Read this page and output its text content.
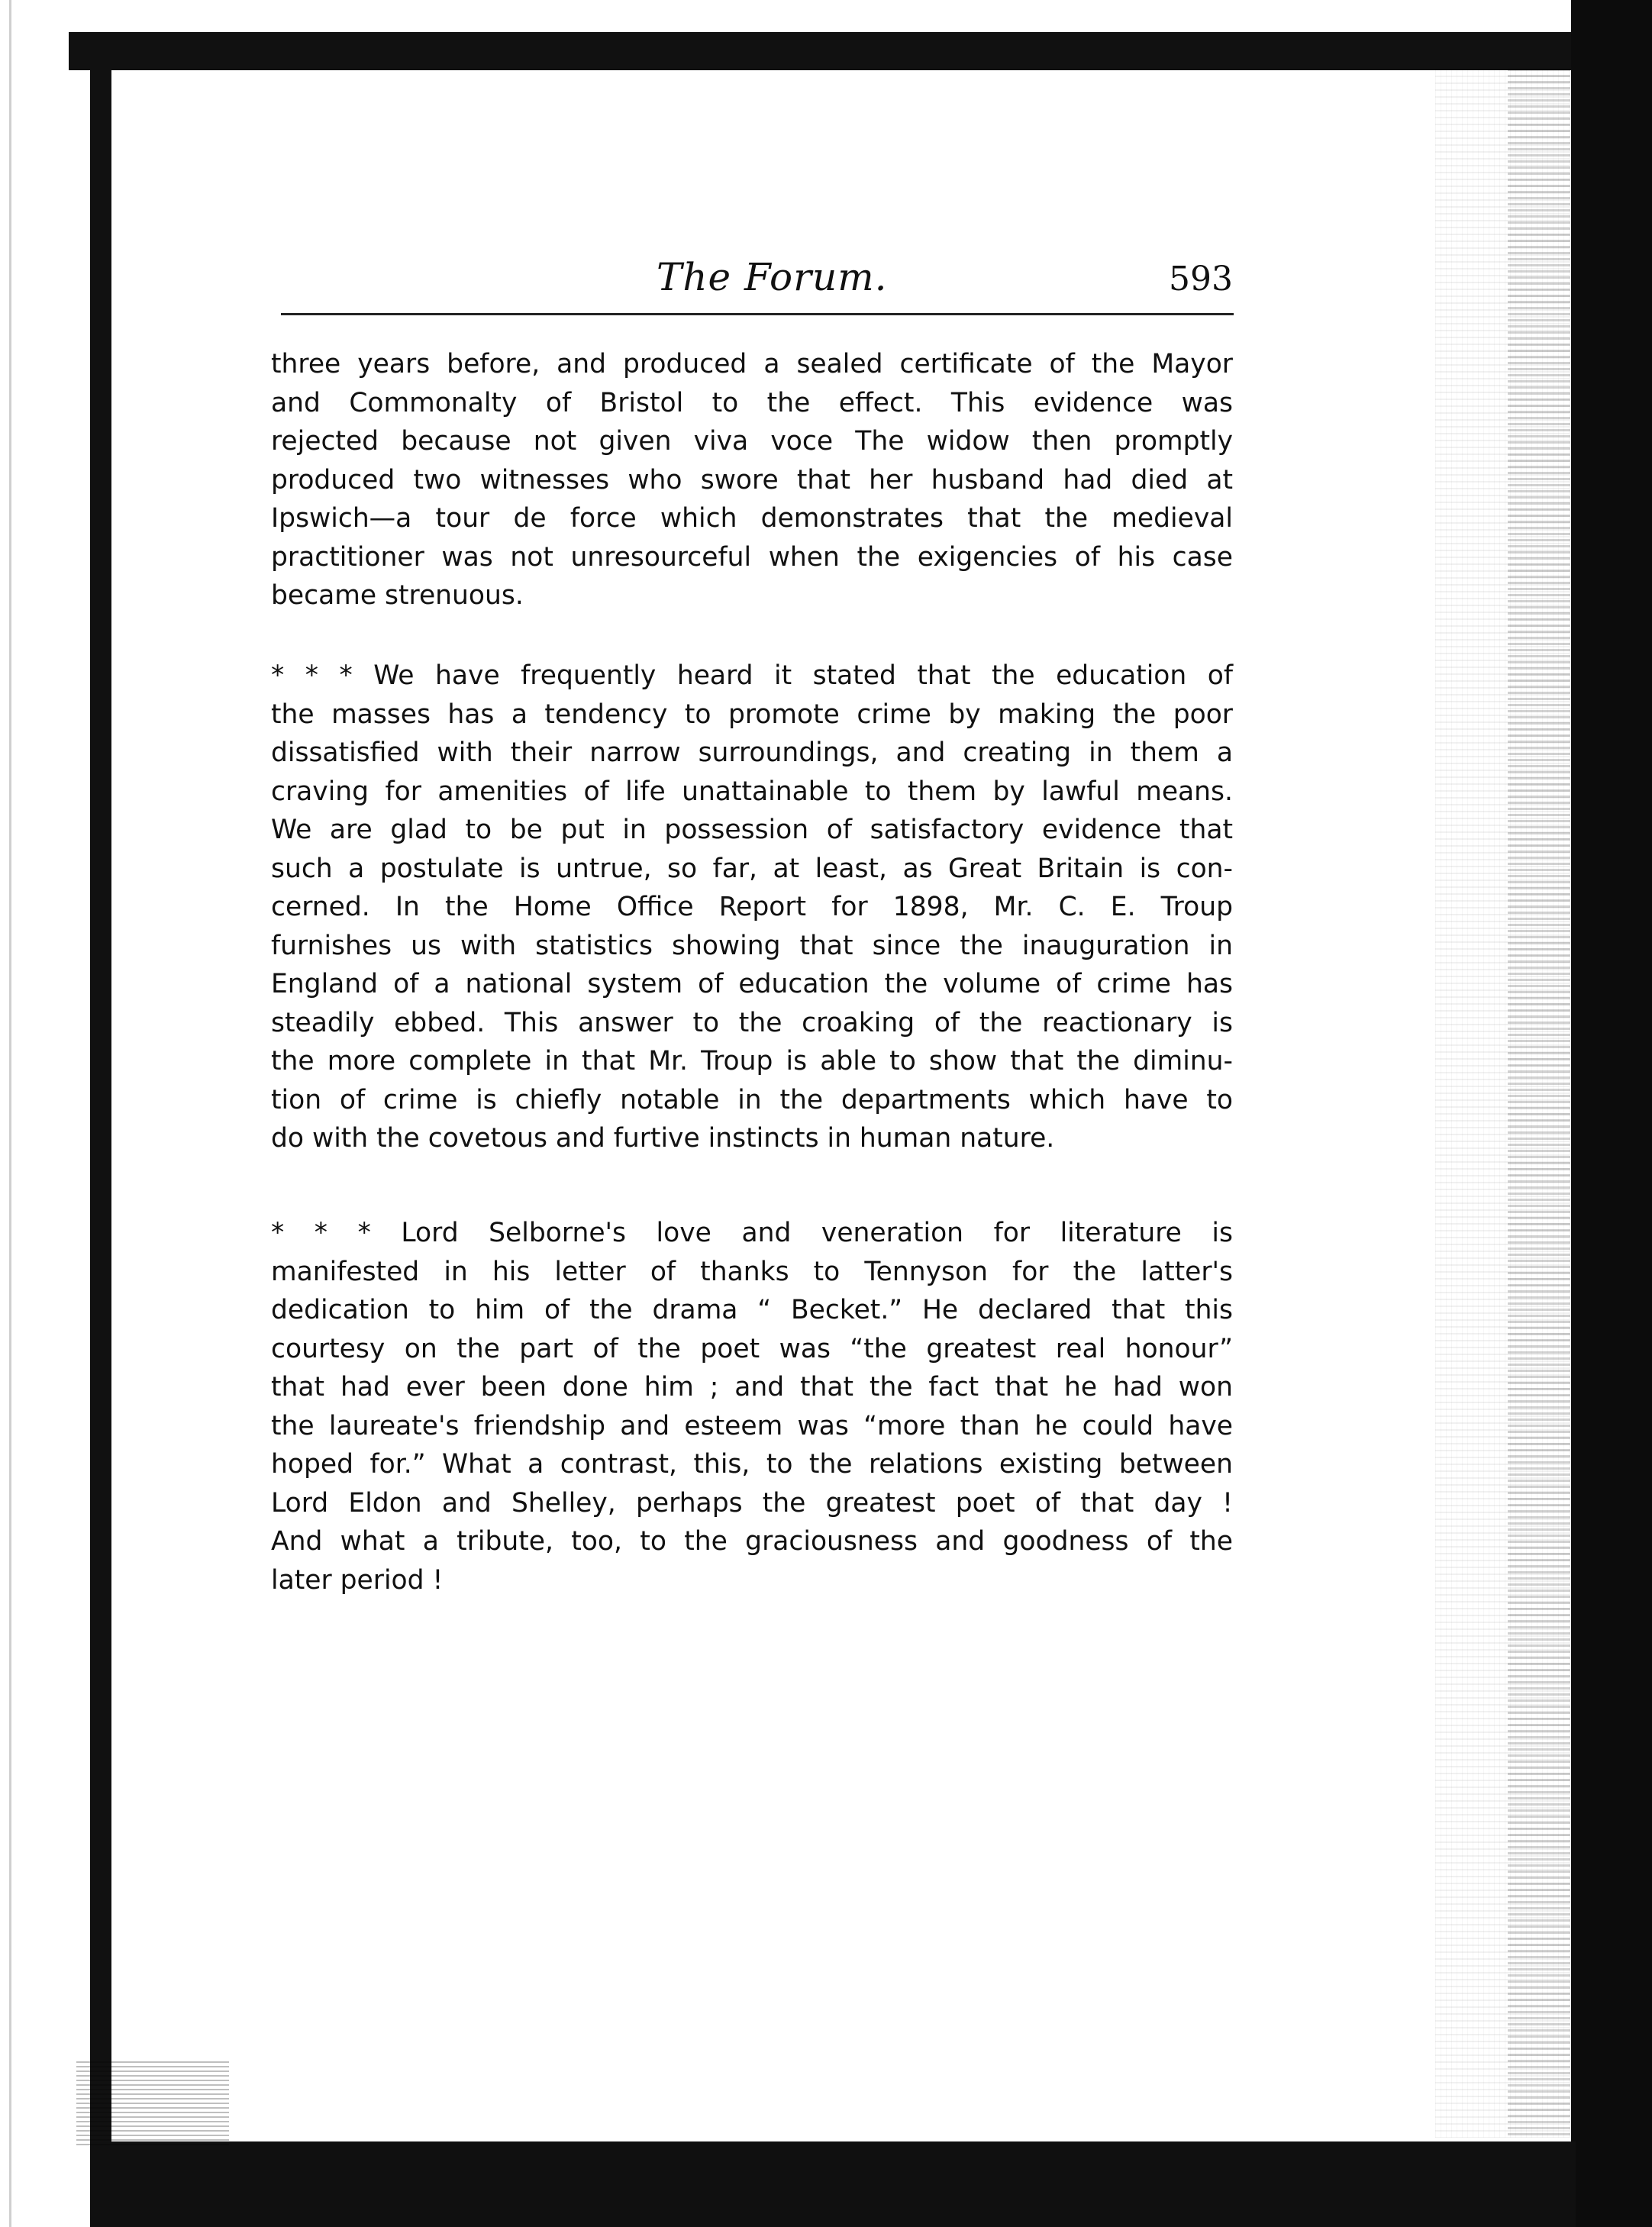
The Forum.	593
three years before, and produced a sealed certificate of the Mayor
and Commonalty of Bristol to the effect. This evidence was
rejected because not given viva voce The widow then promptly
produced two witnesses who swore that her husband had died at
Ipswich—a tour de force which demonstrates that the medieval
practitioner was not unresourceful when the exigencies of his case
became strenuous.
* * * We have frequently heard it stated that the education of
the masses has a tendency to promote crime by making the poor
dissatisfied with their narrow surroundings, and creating in them a
craving for amenities of life unattainable to them by lawful means.
We are glad to be put in possession of satisfactory evidence that
such a postulate is untrue, so far, at least, as Great Britain is con-
cerned. In the Home Office Report for 1898, Mr. C. E. Troup
furnishes us with statistics showing that since the inauguration in
England of a national system of education the volume of crime has
steadily ebbed. This answer to the croaking of the reactionary is
the more complete in that Mr. Troup is able to show that the diminu-
tion of crime is chiefly notable in the departments which have to
do with the covetous and furtive instincts in human nature.
* * * Lord Selborne's love and veneration for literature is
manifested in his letter of thanks to Tennyson for the latter's
dedication to him of the drama “ Becket.” He declared that this
courtesy on the part of the poet was “the greatest real honour”
that had ever been done him ; and that the fact that he had won
the laureate's friendship and esteem was “more than he could have
hoped for.” What a contrast, this, to the relations existing between
Lord Eldon and Shelley, perhaps the greatest poet of that day !
And what a tribute, too, to the graciousness and goodness of the
later period !
